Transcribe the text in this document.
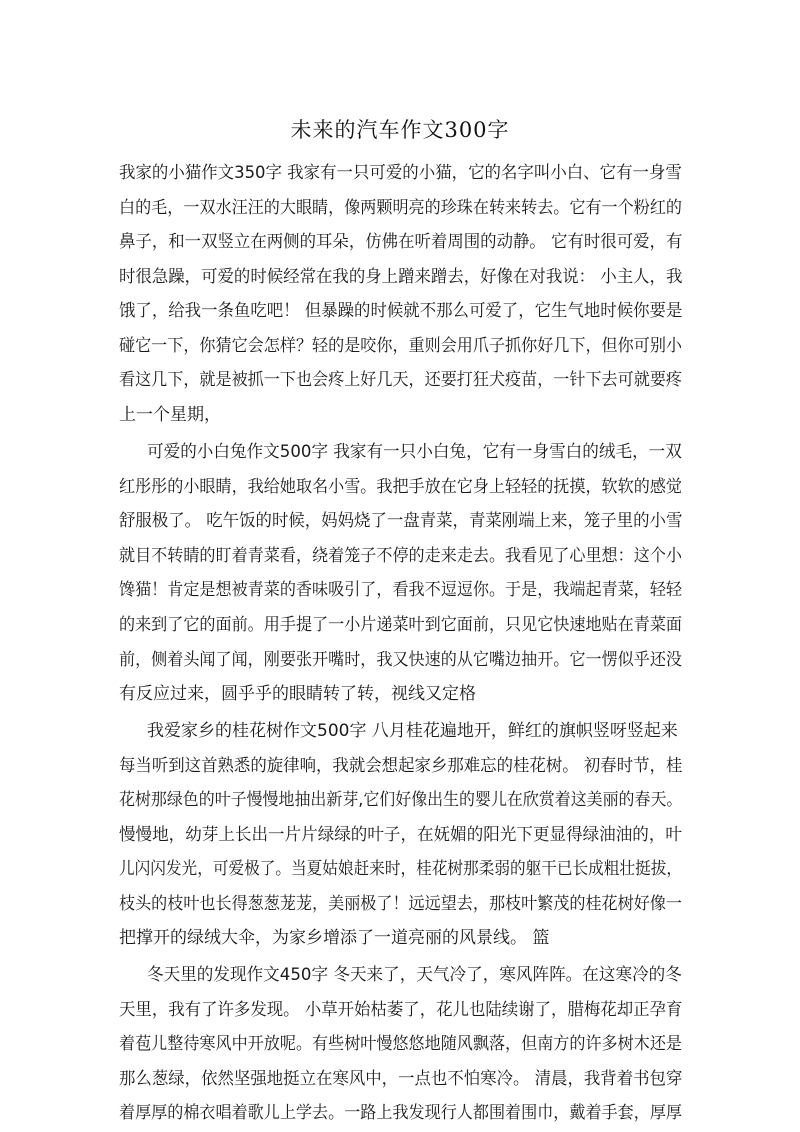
未来的汽车作文300字
我家的小猫作文350字 我家有一只可爱的小猫，它的名字叫小白、它有一身雪
白的毛，一双水汪汪的大眼睛，像两颗明亮的珍珠在转来转去。它有一个粉红的
鼻子，和一双竖立在两侧的耳朵，仿佛在听着周围的动静。 它有时很可爱，有
时很急躁，可爱的时候经常在我的身上蹭来蹭去，好像在对我说： 小主人，我
饿了，给我一条鱼吃吧！ 但暴躁的时候就不那么可爱了，它生气地时候你要是
碰它一下，你猜它会怎样？轻的是咬你，重则会用爪子抓你好几下，但你可别小
看这几下，就是被抓一下也会疼上好几天，还要打狂犬疫苗，一针下去可就要疼
上一个星期，
可爱的小白兔作文500字 我家有一只小白兔，它有一身雪白的绒毛，一双
红彤彤的小眼睛，我给她取名小雪。我把手放在它身上轻轻的抚摸，软软的感觉
舒服极了。 吃午饭的时候，妈妈烧了一盘青菜，青菜刚端上来，笼子里的小雪
就目不转睛的盯着青菜看，绕着笼子不停的走来走去。我看见了心里想：这个小
馋猫！肯定是想被青菜的香味吸引了，看我不逗逗你。于是，我端起青菜，轻轻
的来到了它的面前。用手提了一小片递菜叶到它面前，只见它快速地贴在青菜面
前，侧着头闻了闻，刚要张开嘴时，我又快速的从它嘴边抽开。它一愣似乎还没
有反应过来，圆乎乎的眼睛转了转，视线又定格
我爱家乡的桂花树作文500字 八月桂花遍地开，鲜红的旗帜竖呀竖起来
每当听到这首熟悉的旋律响，我就会想起家乡那难忘的桂花树。 初春时节，桂
花树那绿色的叶子慢慢地抽出新芽,它们好像出生的婴儿在欣赏着这美丽的春天。
慢慢地，幼芽上长出一片片绿绿的叶子，在妩媚的阳光下更显得绿油油的，叶
儿闪闪发光，可爱极了。当夏姑娘赶来时，桂花树那柔弱的躯干已长成粗壮挺拔，
枝头的枝叶也长得葱葱茏茏，美丽极了！远远望去，那枝叶繁茂的桂花树好像一
把撑开的绿绒大伞，为家乡增添了一道亮丽的风景线。 篮
冬天里的发现作文450字 冬天来了，天气冷了，寒风阵阵。在这寒冷的冬
天里，我有了许多发现。 小草开始枯萎了，花儿也陆续谢了，腊梅花却正孕育
着苞儿整待寒风中开放呢。有些树叶慢悠悠地随风飘落，但南方的许多树木还是
那么葱绿，依然坚强地挺立在寒风中，一点也不怕寒冷。 清晨，我背着书包穿
着厚厚的棉衣唱着歌儿上学去。一路上我发现行人都围着围巾，戴着手套，厚厚
